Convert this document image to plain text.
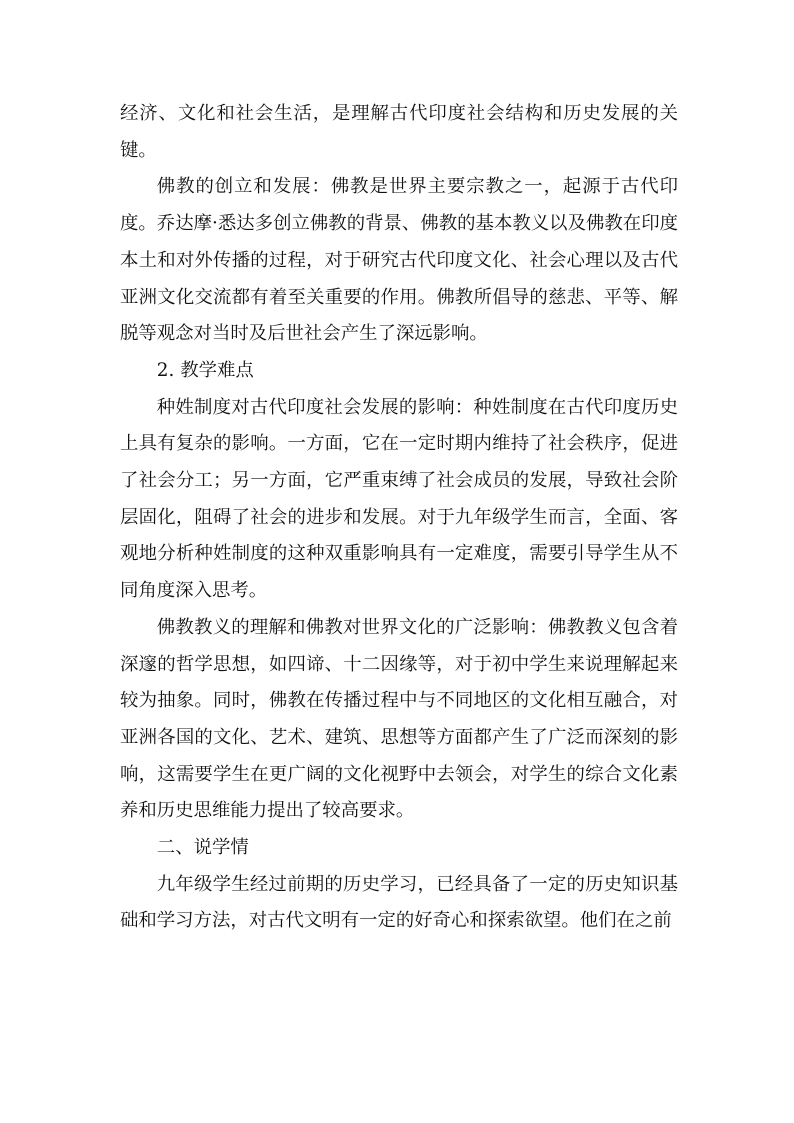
经济、文化和社会生活，是理解古代印度社会结构和历史发展的关键。

佛教的创立和发展：佛教是世界主要宗教之一，起源于古代印度。乔达摩·悉达多创立佛教的背景、佛教的基本教义以及佛教在印度本土和对外传播的过程，对于研究古代印度文化、社会心理以及古代亚洲文化交流都有着至关重要的作用。佛教所倡导的慈悲、平等、解脱等观念对当时及后世社会产生了深远影响。

2. 教学难点

种姓制度对古代印度社会发展的影响：种姓制度在古代印度历史上具有复杂的影响。一方面，它在一定时期内维持了社会秩序，促进了社会分工；另一方面，它严重束缚了社会成员的发展，导致社会阶层固化，阻碍了社会的进步和发展。对于九年级学生而言，全面、客观地分析种姓制度的这种双重影响具有一定难度，需要引导学生从不同角度深入思考。

佛教教义的理解和佛教对世界文化的广泛影响：佛教教义包含着深邃的哲学思想，如四谛、十二因缘等，对于初中学生来说理解起来较为抽象。同时，佛教在传播过程中与不同地区的文化相互融合，对亚洲各国的文化、艺术、建筑、思想等方面都产生了广泛而深刻的影响，这需要学生在更广阔的文化视野中去领会，对学生的综合文化素养和历史思维能力提出了较高要求。

二、说学情

九年级学生经过前期的历史学习，已经具备了一定的历史知识基础和学习方法，对古代文明有一定的好奇心和探索欲望。他们在之前
